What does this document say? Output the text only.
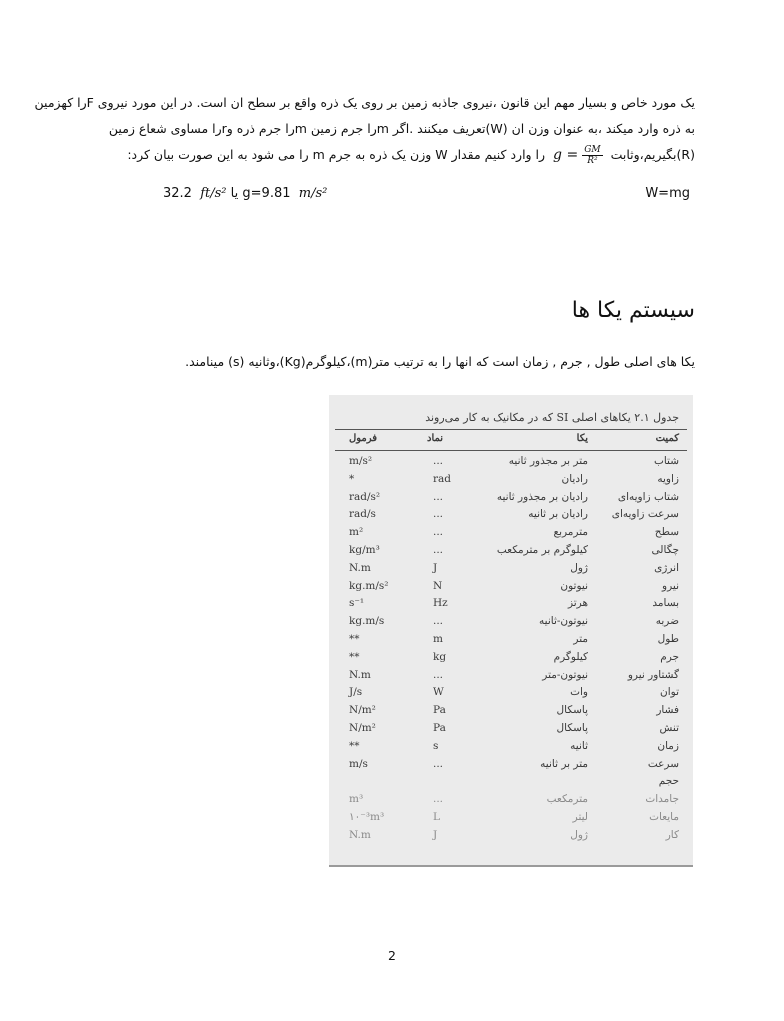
یک مورد خاص و بسیار مهم این قانون ،نیروی جاذبه زمین بر روی یک ذره واقع بر سطح ان است. در این مورد نیروی Fرا کهزمین

به ذره وارد میکند ،به عنوان وزن ان (W)تعریف میکنند .اگر mرا جرم زمین mرا جرم ذره وrرا مساوی شعاع زمین

(R)بگیریم،وثابت $g = \frac{GM}{\text{R²}}$
را وارد کنیم مقدار W وزن یک ذره به جرم m را می شود به این صورت بیان کرد:

32.2 ft/s² یا g=9.81 m/s²	W=mg
سیستم یکا ها
یکا های اصلی طول , جرم , زمان است که انها را به ترتیب متر(m)،کیلوگرم(Kg)،وثانیه (s) مینامند.
جدول ۲.۱ یکاهای اصلی SI که در مکانیک به کار می‌روند
کمیت
یکا
نماد
فرمول
شتاب
متر بر مجذور ثانیه
...
m/s²
زاویه
رادیان
rad
*
شتاب زاویه‌ای
رادیان بر مجذور ثانیه
...
rad/s²
سرعت زاویه‌ای
رادیان بر ثانیه
...
rad/s
سطح
مترمربع
...
m²
چگالی
کیلوگرم بر مترمکعب
...
kg/m³
انرژی
ژول
J
N.m
نیرو
نیوتون
N
kg.m/s²
بسامد
هرتز
Hz
s⁻¹
ضربه
نیوتون-ثانیه
...
kg.m/s
طول
متر
m
**
جرم
کیلوگرم
kg
**
گشتاور نیرو
نیوتون-متر
...
N.m
توان
وات
W
J/s
فشار
پاسکال
Pa
N/m²
تنش
پاسکال
Pa
N/m²
زمان
ثانیه
s
**
سرعت
متر بر ثانیه
...
m/s
حجم
جامدات
مترمکعب
...
m³
مایعات
لیتر
L
۱۰⁻³m³
کار
ژول
J
N.m
2
